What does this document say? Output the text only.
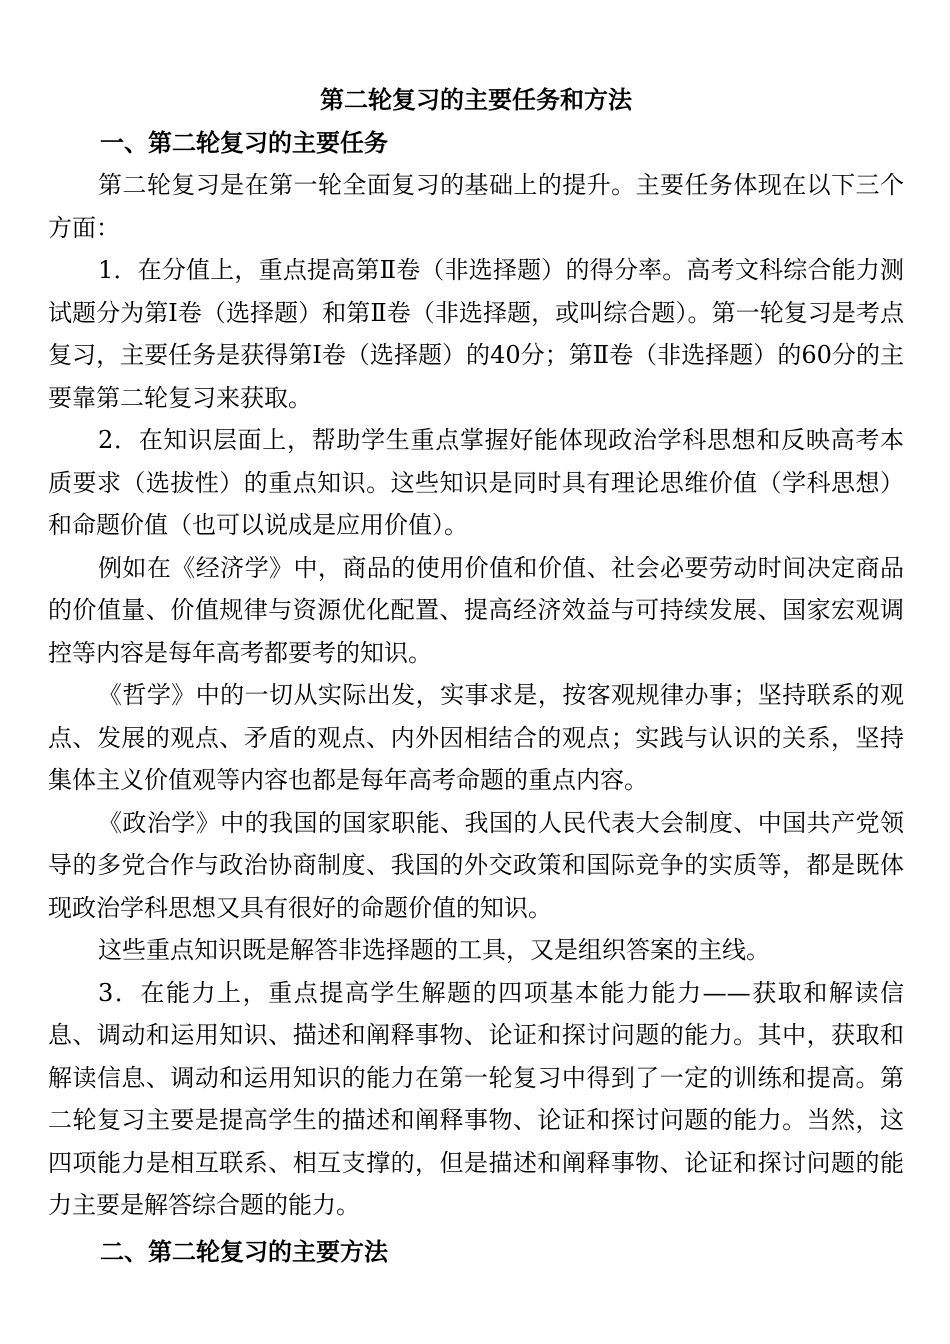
第二轮复习的主要任务和方法
一、第二轮复习的主要任务

第二轮复习是在第一轮全面复习的基础上的提升。主要任务体现在以下三个方面：

1．在分值上，重点提高第Ⅱ卷（非选择题）的得分率。高考文科综合能力测试题分为第Ⅰ卷（选择题）和第Ⅱ卷（非选择题，或叫综合题）。第一轮复习是考点复习，主要任务是获得第Ⅰ卷（选择题）的40分；第Ⅱ卷（非选择题）的60分的主要靠第二轮复习来获取。

2．在知识层面上，帮助学生重点掌握好能体现政治学科思想和反映高考本质要求（选拔性）的重点知识。这些知识是同时具有理论思维价值（学科思想）和命题价值（也可以说成是应用价值）。

例如在《经济学》中，商品的使用价值和价值、社会必要劳动时间决定商品的价值量、价值规律与资源优化配置、提高经济效益与可持续发展、国家宏观调控等内容是每年高考都要考的知识。

《哲学》中的一切从实际出发，实事求是，按客观规律办事；坚持联系的观点、发展的观点、矛盾的观点、内外因相结合的观点；实践与认识的关系，坚持集体主义价值观等内容也都是每年高考命题的重点内容。

《政治学》中的我国的国家职能、我国的人民代表大会制度、中国共产党领导的多党合作与政治协商制度、我国的外交政策和国际竞争的实质等，都是既体现政治学科思想又具有很好的命题价值的知识。

这些重点知识既是解答非选择题的工具，又是组织答案的主线。

3．在能力上，重点提高学生解题的四项基本能力能力——获取和解读信息、调动和运用知识、描述和阐释事物、论证和探讨问题的能力。其中，获取和解读信息、调动和运用知识的能力在第一轮复习中得到了一定的训练和提高。第二轮复习主要是提高学生的描述和阐释事物、论证和探讨问题的能力。当然，这四项能力是相互联系、相互支撑的，但是描述和阐释事物、论证和探讨问题的能力主要是解答综合题的能力。

二、第二轮复习的主要方法
